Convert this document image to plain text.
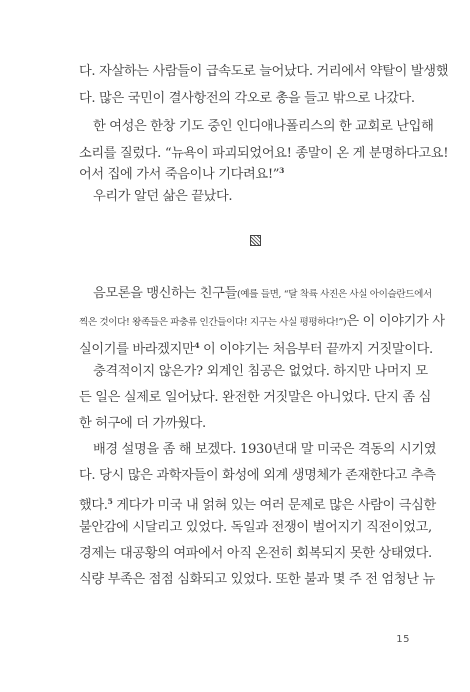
다. 자살하는 사람들이 급속도로 늘어났다. 거리에서 약탈이 발생했
다. 많은 국민이 결사항전의 각오로 총을 들고 밖으로 나갔다.
한 여성은 한창 기도 중인 인디애나폴리스의 한 교회로 난입해
소리를 질렀다. “뉴욕이 파괴되었어요! 종말이 온 게 분명하다고요!
어서 집에 가서 죽음이나 기다려요!”$^3$
우리가 알던 삶은 끝났다.
음모론을 맹신하는 친구들(예를 들면, “달 착륙 사진은 사실 아이슬란드에서
찍은 것이다! 왕족들은 파충류 인간들이다! 지구는 사실 평평하다!”)은 이 이야기가 사
실이기를 바라겠지만$^4$ 이 이야기는 처음부터 끝까지 거짓말이다.
충격적이지 않은가? 외계인 침공은 없었다. 하지만 나머지 모
든 일은 실제로 일어났다. 완전한 거짓말은 아니었다. 단지 좀 심
한 허구에 더 가까웠다.
배경 설명을 좀 해 보겠다. 1930년대 말 미국은 격동의 시기였
다. 당시 많은 과학자들이 화성에 외계 생명체가 존재한다고 추측
했다.$^5$ 게다가 미국 내 얽혀 있는 여러 문제로 많은 사람이 극심한
불안감에 시달리고 있었다. 독일과 전쟁이 벌어지기 직전이었고,
경제는 대공황의 여파에서 아직 온전히 회복되지 못한 상태였다.
식량 부족은 점점 심화되고 있었다. 또한 불과 몇 주 전 엄청난 뉴
15
